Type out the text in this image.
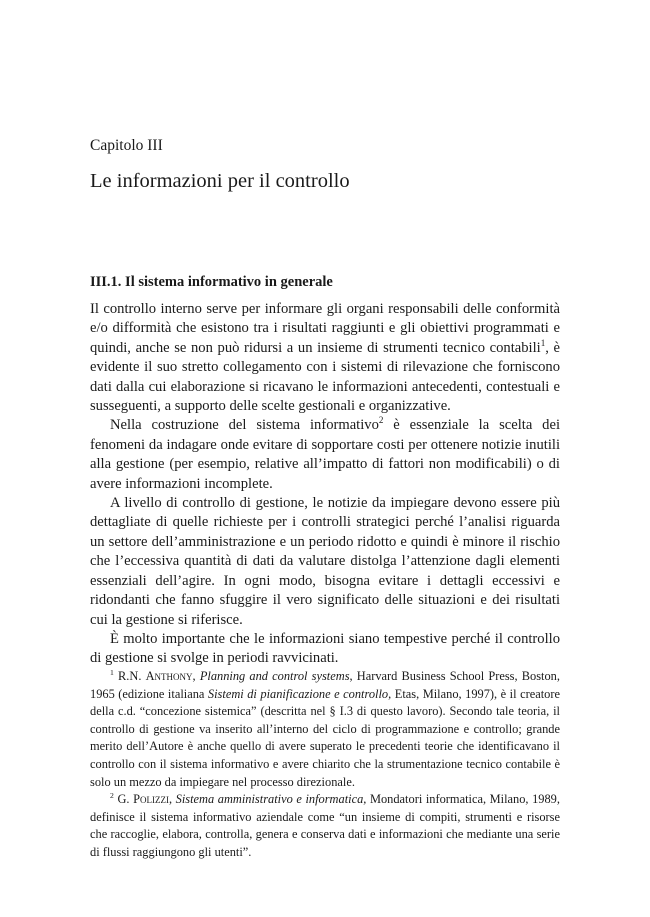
Capitolo III
Le informazioni per il controllo
III.1. Il sistema informativo in generale

Il controllo interno serve per informare gli organi responsabili delle conformità e/o difformità che esistono tra i risultati raggiunti e gli obiettivi programmati e quindi, anche se non può ridursi a un insieme di strumenti tecnico contabili$^1$, è evidente il suo stretto collegamento con i sistemi di rilevazione che forniscono dati dalla cui elaborazione si ricavano le informazioni antecedenti, contestuali e susseguenti, a supporto delle scelte gestionali e organizzative.

Nella costruzione del sistema informativo$^2$ è essenziale la scelta dei fenomeni da indagare onde evitare di sopportare costi per ottenere notizie inutili alla gestione (per esempio, relative all’impatto di fattori non modificabili) o di avere informazioni incomplete.

A livello di controllo di gestione, le notizie da impiegare devono essere più dettagliate di quelle richieste per i controlli strategici perché l’analisi riguarda un settore dell’amministrazione e un periodo ridotto e quindi è minore il rischio che l’eccessiva quantità di dati da valutare distolga l’attenzione dagli elementi essenziali dell’agire. In ogni modo, bisogna evitare i dettagli eccessivi e ridondanti che fanno sfuggire il vero significato delle situazioni e dei risultati cui la gestione si riferisce.

È molto importante che le informazioni siano tempestive perché il controllo di gestione si svolge in periodi ravvicinati.

$^1$ R.N. Anthony, Planning and control systems, Harvard Business School Press, Boston, 1965 (edizione italiana Sistemi di pianificazione e controllo, Etas, Milano, 1997), è il creatore della c.d. “concezione sistemica” (descritta nel § I.3 di questo lavoro). Secondo tale teoria, il controllo di gestione va inserito all’interno del ciclo di programmazione e controllo; grande merito dell’Autore è anche quello di avere superato le precedenti teorie che identificavano il controllo con il sistema informativo e avere chiarito che la strumentazione tecnico contabile è solo un mezzo da impiegare nel processo direzionale.

$^2$ G. Polizzi, Sistema amministrativo e informatica, Mondatori informatica, Milano, 1989, definisce il sistema informativo aziendale come “un insieme di compiti, strumenti e risorse che raccoglie, elabora, controlla, genera e conserva dati e informazioni che mediante una serie di flussi raggiungono gli utenti”.
